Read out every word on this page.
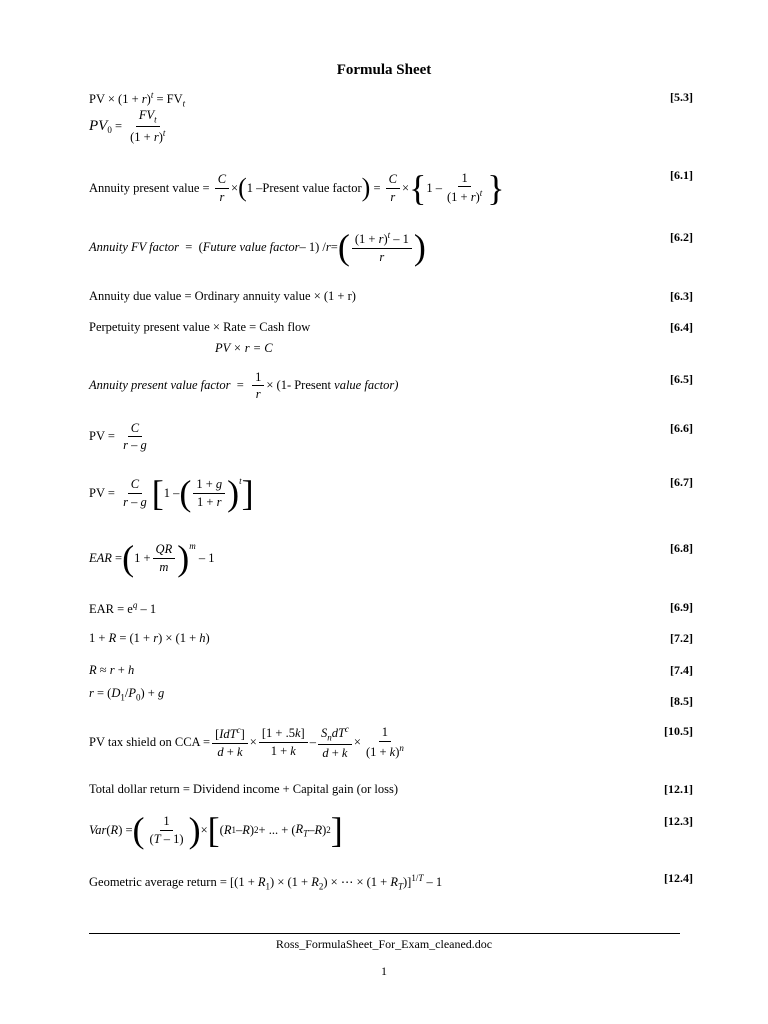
Formula Sheet
PV × $(1 + r)^t = FV_t$	[5.3]
$PV_0 = \frac{FV_t}{(1 + r)^t}$
Annuity present value =
$\frac{C}{r}$ × ( 1 – Present value factor ) = $\frac{C}{r}$ × { $1 - \frac{1}{(1 + r)^t}$ }	[6.1]
Annuity FV factor =  ( Future value factor – 1) / r = ( $\frac{(1 + r)^t - 1}{r}$ )	[6.2]
Annuity due value = Ordinary annuity value × (1 + r)	[6.3]
Perpetuity present value × Rate = Cash flow	[6.4]
PV × r = C
Annuity present value factor = $\frac{1}{r} \times (1-$ Present
value factor)	[6.5]
PV =
$\frac{C}{r - g}$	[6.6]
PV =
$\frac{C}{r - g}$ [ 1 – ( $\frac{1 + g}{1 + r} )^t$ ]	[6.7]
EAR = ( $1 + \frac{QR}{m} )^m$
– 1
[6.8]
EAR = $e^q - 1$	[6.9]
1 + R = (1 + r) × (1 + h)	[7.2]
R ≈ r + h	[7.4]
$r = (D_1/P_0) + g$
[8.5]
PV tax shield on CCA = $\frac{[IdT^c]}{d + k} \times \frac{[1 + .5k]}{1 + k} - \frac{S_ndT^c}{d + k} \times \frac{1}{(1 + k)^n}$	[10.5]
Total dollar return = Dividend income + Capital gain (or loss)	[12.1]
Var ( R ) = ( $\frac{1}{(T - 1)}$ ) × [ ( R 1 – R ) 2 + ... + ( $R_T$ – R ) 2 ]	[12.3]
Geometric average return = [$(1 + R_1) \times (1 + R_2)$ × ⋯ × $(1 + R_T)]^{1/T} - 1$	[12.4]
Ross_FormulaSheet_For_Exam_cleaned.doc
1
